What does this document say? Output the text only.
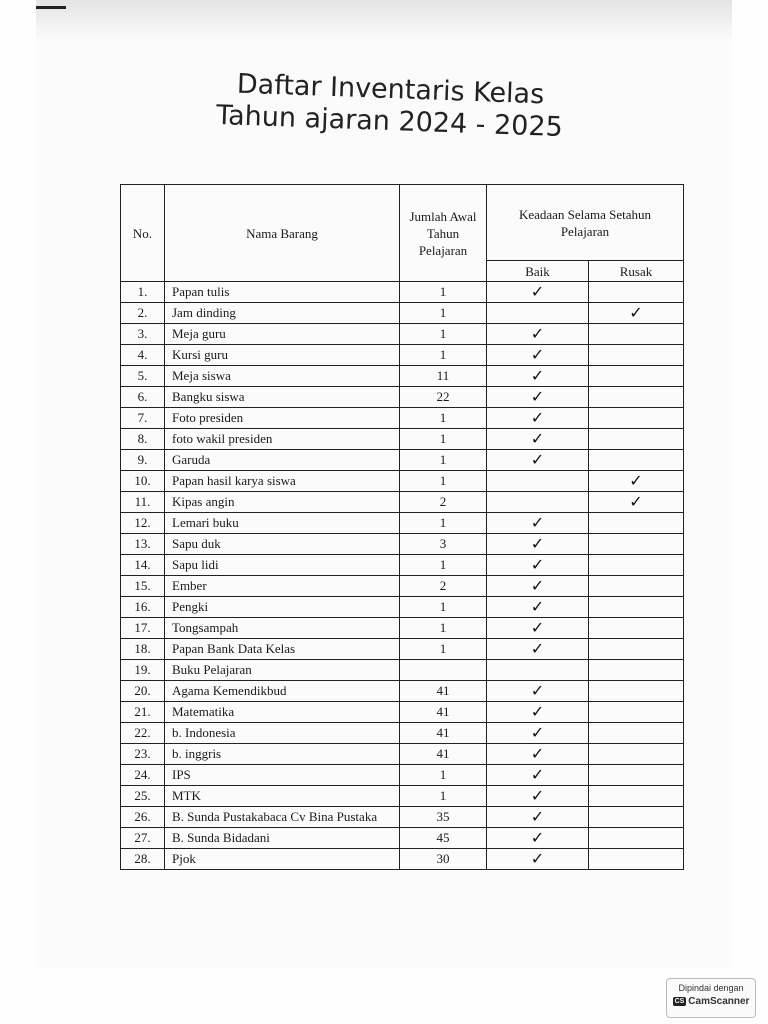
Daftar Inventaris Kelas
Tahun ajaran 2024 - 2025
No.	Nama Barang	Jumlah Awal Tahun Pelajaran	Keadaan Selama Setahun Pelajaran	
			Baik	Rusak
1.	Papan tulis	1	✓	
2.	Jam dinding	1		✓
3.	Meja guru	1	✓	
4.	Kursi guru	1	✓	
5.	Meja siswa	11	✓	
6.	Bangku siswa	22	✓	
7.	Foto presiden	1	✓	
8.	foto wakil presiden	1	✓	
9.	Garuda	1	✓	
10.	Papan hasil karya siswa	1		✓
11.	Kipas angin	2		✓
12.	Lemari buku	1	✓	
13.	Sapu duk	3	✓	
14.	Sapu lidi	1	✓	
15.	Ember	2	✓	
16.	Pengki	1	✓	
17.	Tongsampah	1	✓	
18.	Papan Bank Data Kelas	1	✓	
19.	Buku Pelajaran			
20.	Agama Kemendikbud	41	✓	
21.	Matematika	41	✓	
22.	b. Indonesia	41	✓	
23.	b. inggris	41	✓	
24.	IPS	1	✓	
25.	MTK	1	✓	
26.	B. Sunda Pustakabaca Cv Bina Pustaka	35	✓	
27.	B. Sunda Bidadani	45	✓	
28.	Pjok	30	✓	
Dipindai dengan
CS CamScanner
